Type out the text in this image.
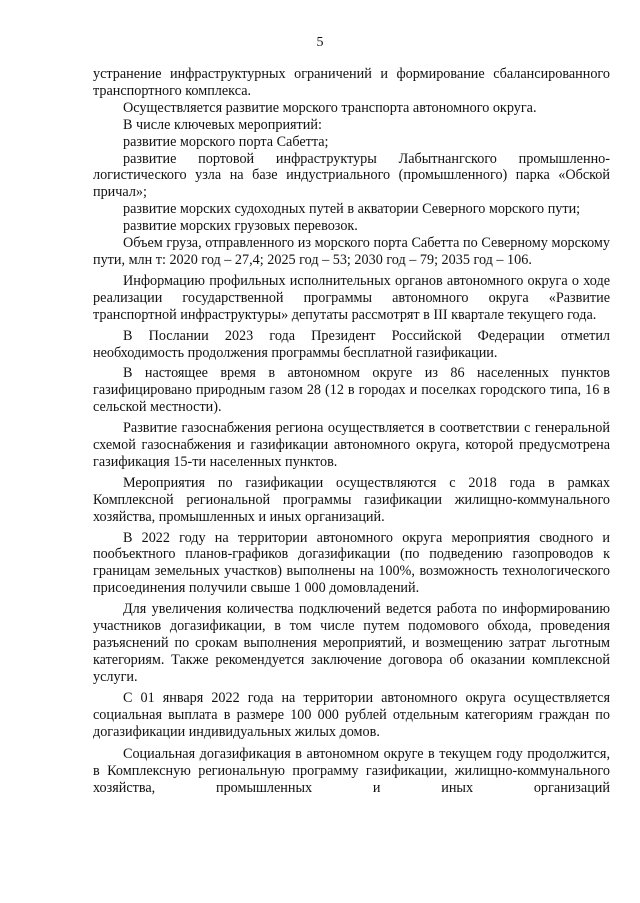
5

устранение инфраструктурных ограничений и формирование сбалансированного транспортного комплекса.

Осуществляется развитие морского транспорта автономного округа.

В числе ключевых мероприятий:

развитие морского порта Сабетта;

развитие портовой инфраструктуры Лабытнангского промышленно-логистического узла на базе индустриального (промышленного) парка «Обской причал»;

развитие морских судоходных путей в акватории Северного морского пути;

развитие морских грузовых перевозок.

Объем груза, отправленного из морского порта Сабетта по Северному морскому пути, млн т: 2020 год – 27,4; 2025 год – 53; 2030 год – 79; 2035 год – 106.

Информацию профильных исполнительных органов автономного округа о ходе реализации государственной программы автономного округа «Развитие транспортной инфраструктуры» депутаты рассмотрят в III квартале текущего года.

В Послании 2023 года Президент Российской Федерации отметил необходимость продолжения программы бесплатной газификации.

В настоящее время в автономном округе из 86 населенных пунктов газифицировано природным газом 28 (12 в городах и поселках городского типа, 16 в сельской местности).

Развитие газоснабжения региона осуществляется в соответствии с генеральной схемой газоснабжения и газификации автономного округа, которой предусмотрена газификация 15-ти населенных пунктов.

Мероприятия по газификации осуществляются с 2018 года в рамках Комплексной региональной программы газификации жилищно-коммунального хозяйства, промышленных и иных организаций.

В 2022 году на территории автономного округа мероприятия сводного и пообъектного планов-графиков догазификации (по подведению газопроводов к границам земельных участков) выполнены на 100%, возможность технологического присоединения получили свыше 1 000 домовладений.

Для увеличения количества подключений ведется работа по информированию участников догазификации, в том числе путем подомового обхода, проведения разъяснений по срокам выполнения мероприятий, и возмещению затрат льготным категориям. Также рекомендуется заключение договора об оказании комплексной услуги.

С 01 января 2022 года на территории автономного округа осуществляется социальная выплата в размере 100 000 рублей отдельным категориям граждан по догазификации индивидуальных жилых домов.

Социальная догазификация в автономном округе в текущем году продолжится, в Комплексную региональную программу газификации, жилищно-коммунального хозяйства, промышленных и иных организаций
